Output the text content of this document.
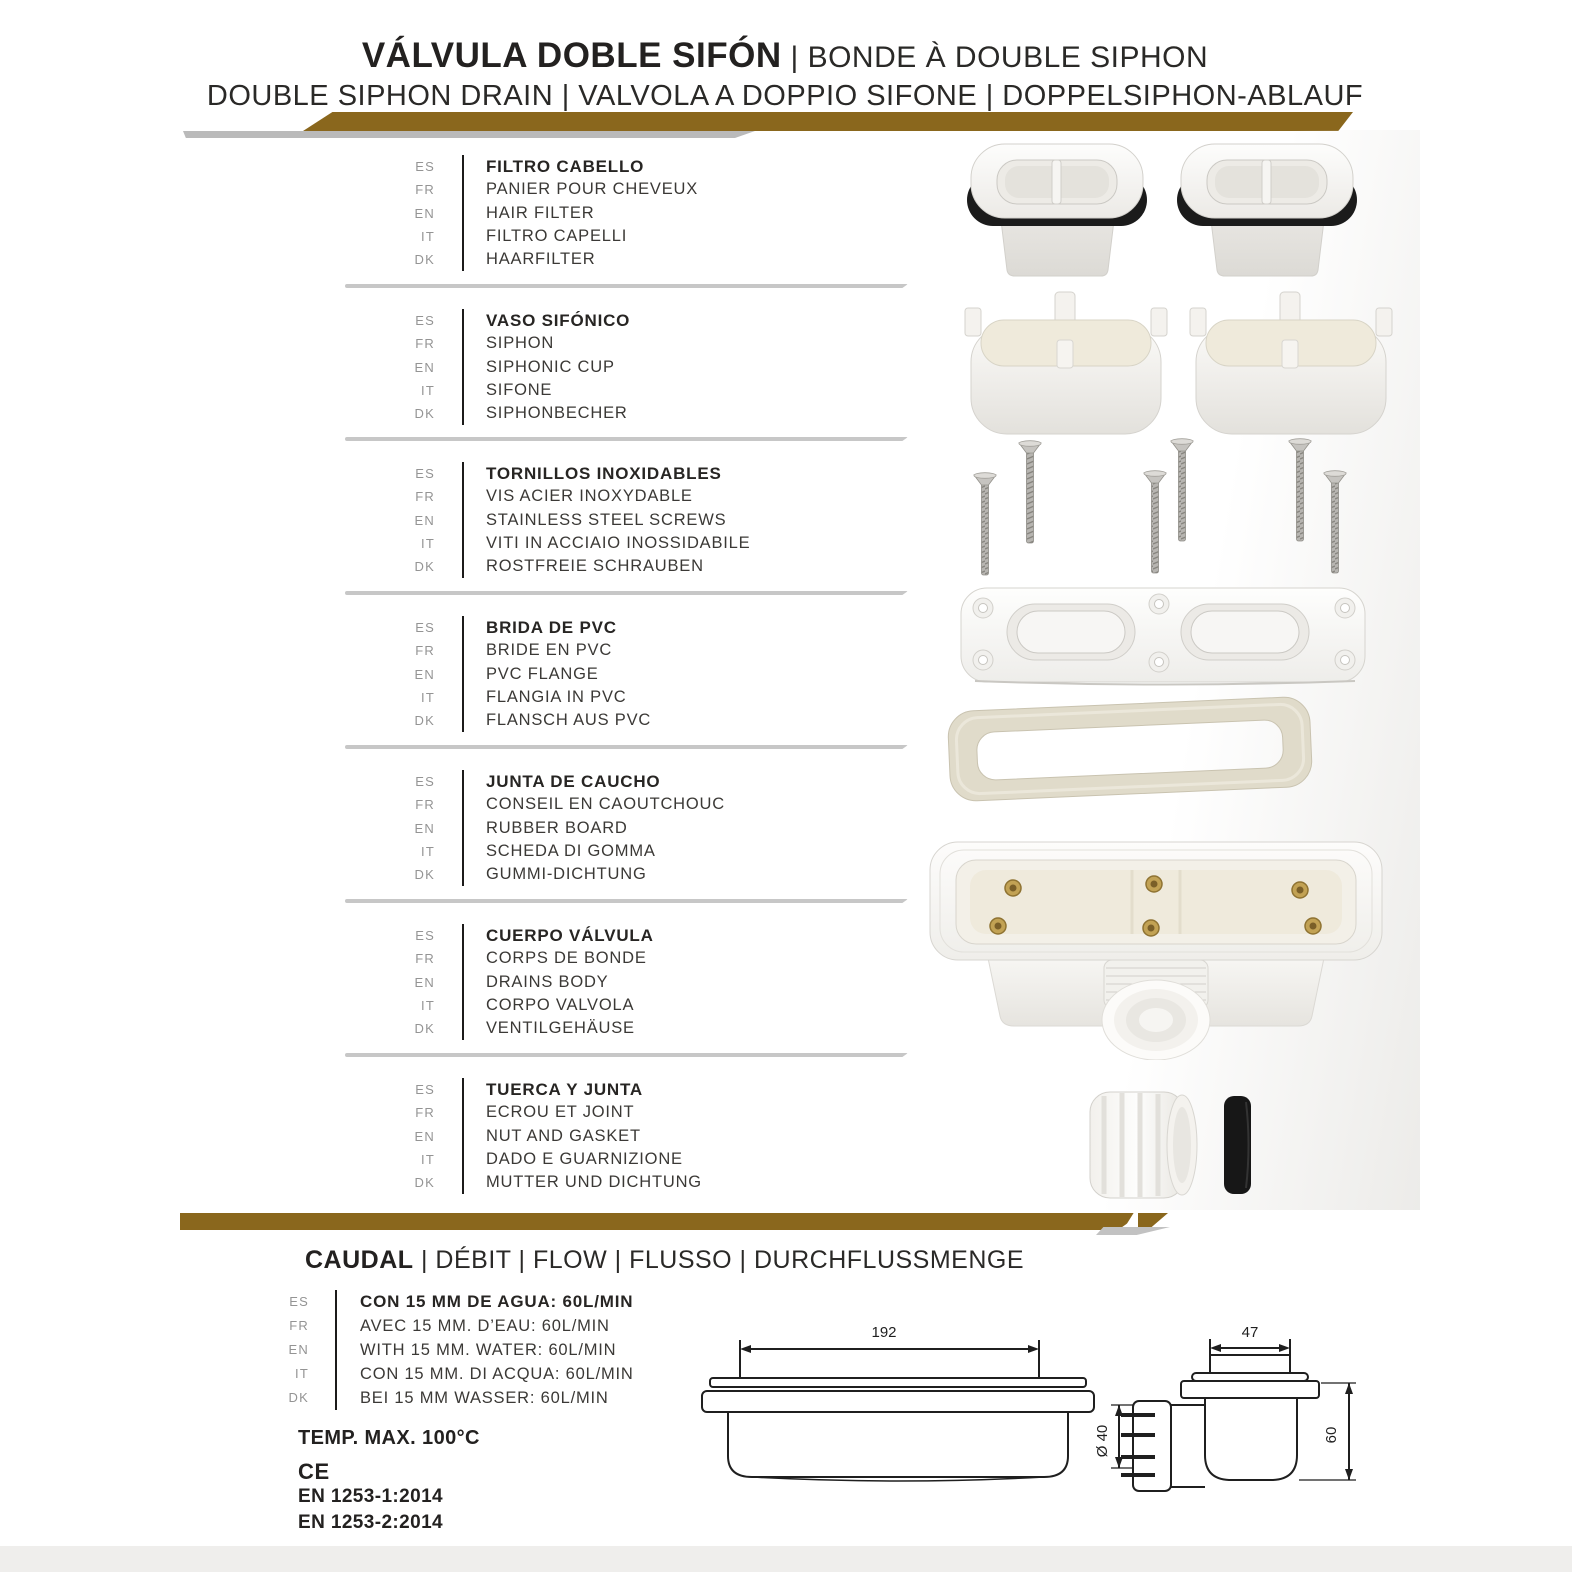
VÁLVULA DOBLE SIFÓN | BONDE À DOUBLE SIPHON
DOUBLE SIPHON DRAIN | VALVOLA A DOPPIO SIFONE | DOPPELSIPHON-ABLAUF
ES
FR
EN
IT
DK
FILTRO CABELLO
PANIER POUR CHEVEUX
HAIR FILTER
FILTRO CAPELLI
HAARFILTER
ES
FR
EN
IT
DK
VASO SIFÓNICO
SIPHON
SIPHONIC CUP
SIFONE
SIPHONBECHER
ES
FR
EN
IT
DK
TORNILLOS INOXIDABLES
VIS ACIER INOXYDABLE
STAINLESS STEEL SCREWS
VITI IN ACCIAIO INOSSIDABILE
ROSTFREIE SCHRAUBEN
ES
FR
EN
IT
DK
BRIDA DE PVC
BRIDE EN PVC
PVC FLANGE
FLANGIA IN PVC
FLANSCH AUS PVC
ES
FR
EN
IT
DK
JUNTA DE CAUCHO
CONSEIL EN CAOUTCHOUC
RUBBER BOARD
SCHEDA DI GOMMA
GUMMI-DICHTUNG
ES
FR
EN
IT
DK
CUERPO VÁLVULA
CORPS DE BONDE
DRAINS BODY
CORPO VALVOLA
VENTILGEHÄUSE
ES
FR
EN
IT
DK
TUERCA Y JUNTA
ECROU ET JOINT
NUT AND GASKET
DADO E GUARNIZIONE
MUTTER UND DICHTUNG
CAUDAL | DÉBIT | FLOW | FLUSSO | DURCHFLUSSMENGE
ES
FR
EN
IT
DK
CON 15 MM DE AGUA: 60L/MIN
AVEC 15 MM. D’EAU: 60L/MIN
WITH 15 MM. WATER: 60L/MIN
CON 15 MM. DI ACQUA: 60L/MIN
BEI 15 MM WASSER: 60L/MIN
TEMP. MAX. 100°C
CE
EN 1253-1:2014
EN 1253-2:2014
192	47
Ø 40	60
